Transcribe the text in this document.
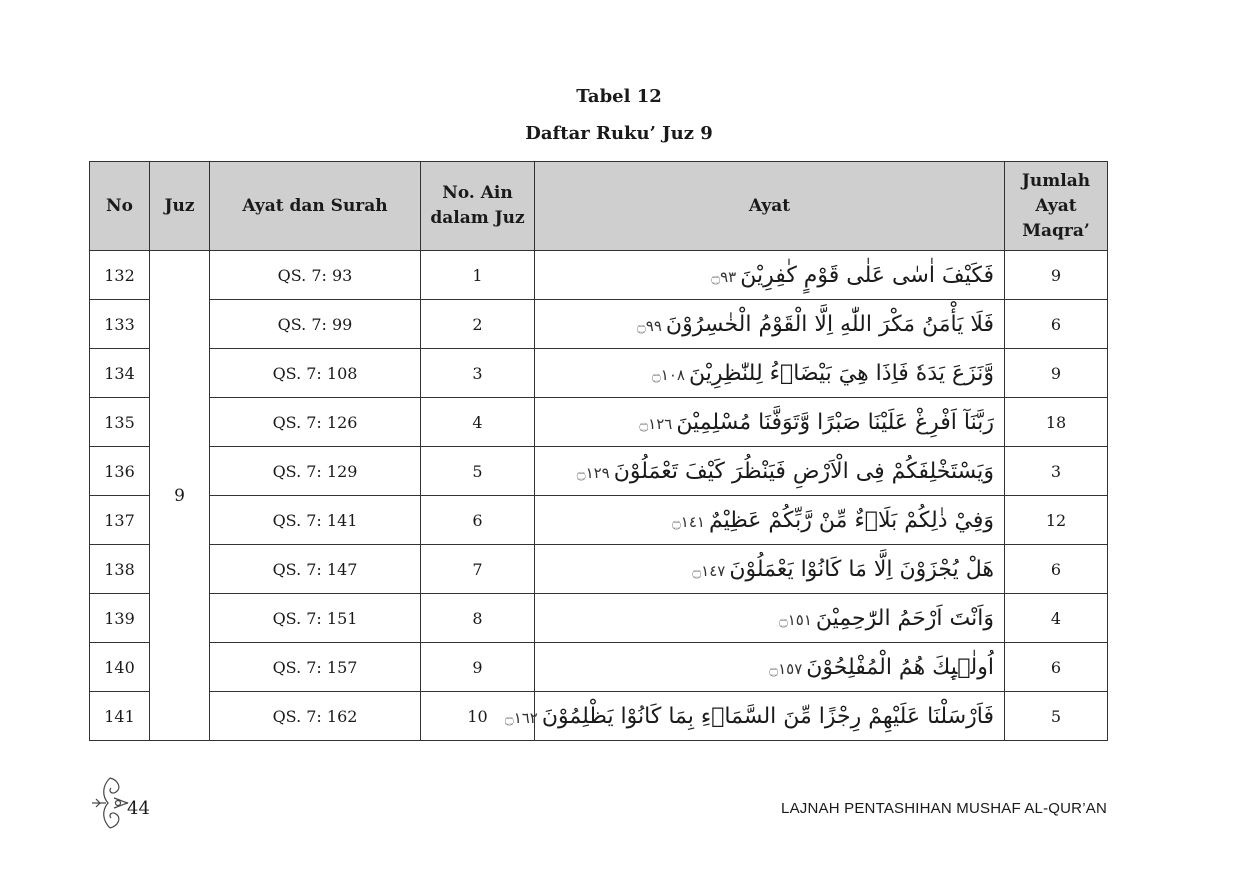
Tabel 12
Daftar Ruku’ Juz 9
No	Juz	Ayat dan Surah	No. Ain dalam Juz	Ayat	Jumlah Ayat Maqra’
132	9	QS. 7: 93	1	فَكَيْفَ اٰسٰى عَلٰى قَوْمٍ كٰفِرِيْنَ۝٩٣	9
133		QS. 7: 99	2	فَلَا يَأْمَنُ مَكْرَ اللّٰهِ اِلَّا الْقَوْمُ الْخٰسِرُوْنَ۝٩٩	6
134		QS. 7: 108	3	وَّنَزَعَ يَدَهٗ فَاِذَا هِيَ بَيْضَاۤءُ لِلنّٰظِرِيْنَ۝١٠٨	9
135		QS. 7: 126	4	رَبَّنَآ اَفْرِغْ عَلَيْنَا صَبْرًا وَّتَوَفَّنَا مُسْلِمِيْنَ۝١٢٦	18
136		QS. 7: 129	5	وَيَسْتَخْلِفَكُمْ فِى الْاَرْضِ فَيَنْظُرَ كَيْفَ تَعْمَلُوْنَ۝١٢٩	3
137		QS. 7: 141	6	وَفِيْ ذٰلِكُمْ بَلَاۤءٌ مِّنْ رَّبِّكُمْ عَظِيْمٌ۝١٤١	12
138		QS. 7: 147	7	هَلْ يُجْزَوْنَ اِلَّا مَا كَانُوْا يَعْمَلُوْنَ۝١٤٧	6
139		QS. 7: 151	8	وَاَنْتَ اَرْحَمُ الرّٰحِمِيْنَ۝١٥١	4
140		QS. 7: 157	9	اُولٰۤىِٕكَ هُمُ الْمُفْلِحُوْنَ۝١٥٧	6
141		QS. 7: 162	10	فَاَرْسَلْنَا عَلَيْهِمْ رِجْزًا مِّنَ السَّمَاۤءِ بِمَا كَانُوْا يَظْلِمُوْنَ۝١٦٢	5
44	LAJNAH PENTASHIHAN MUSHAF AL-QUR’AN
